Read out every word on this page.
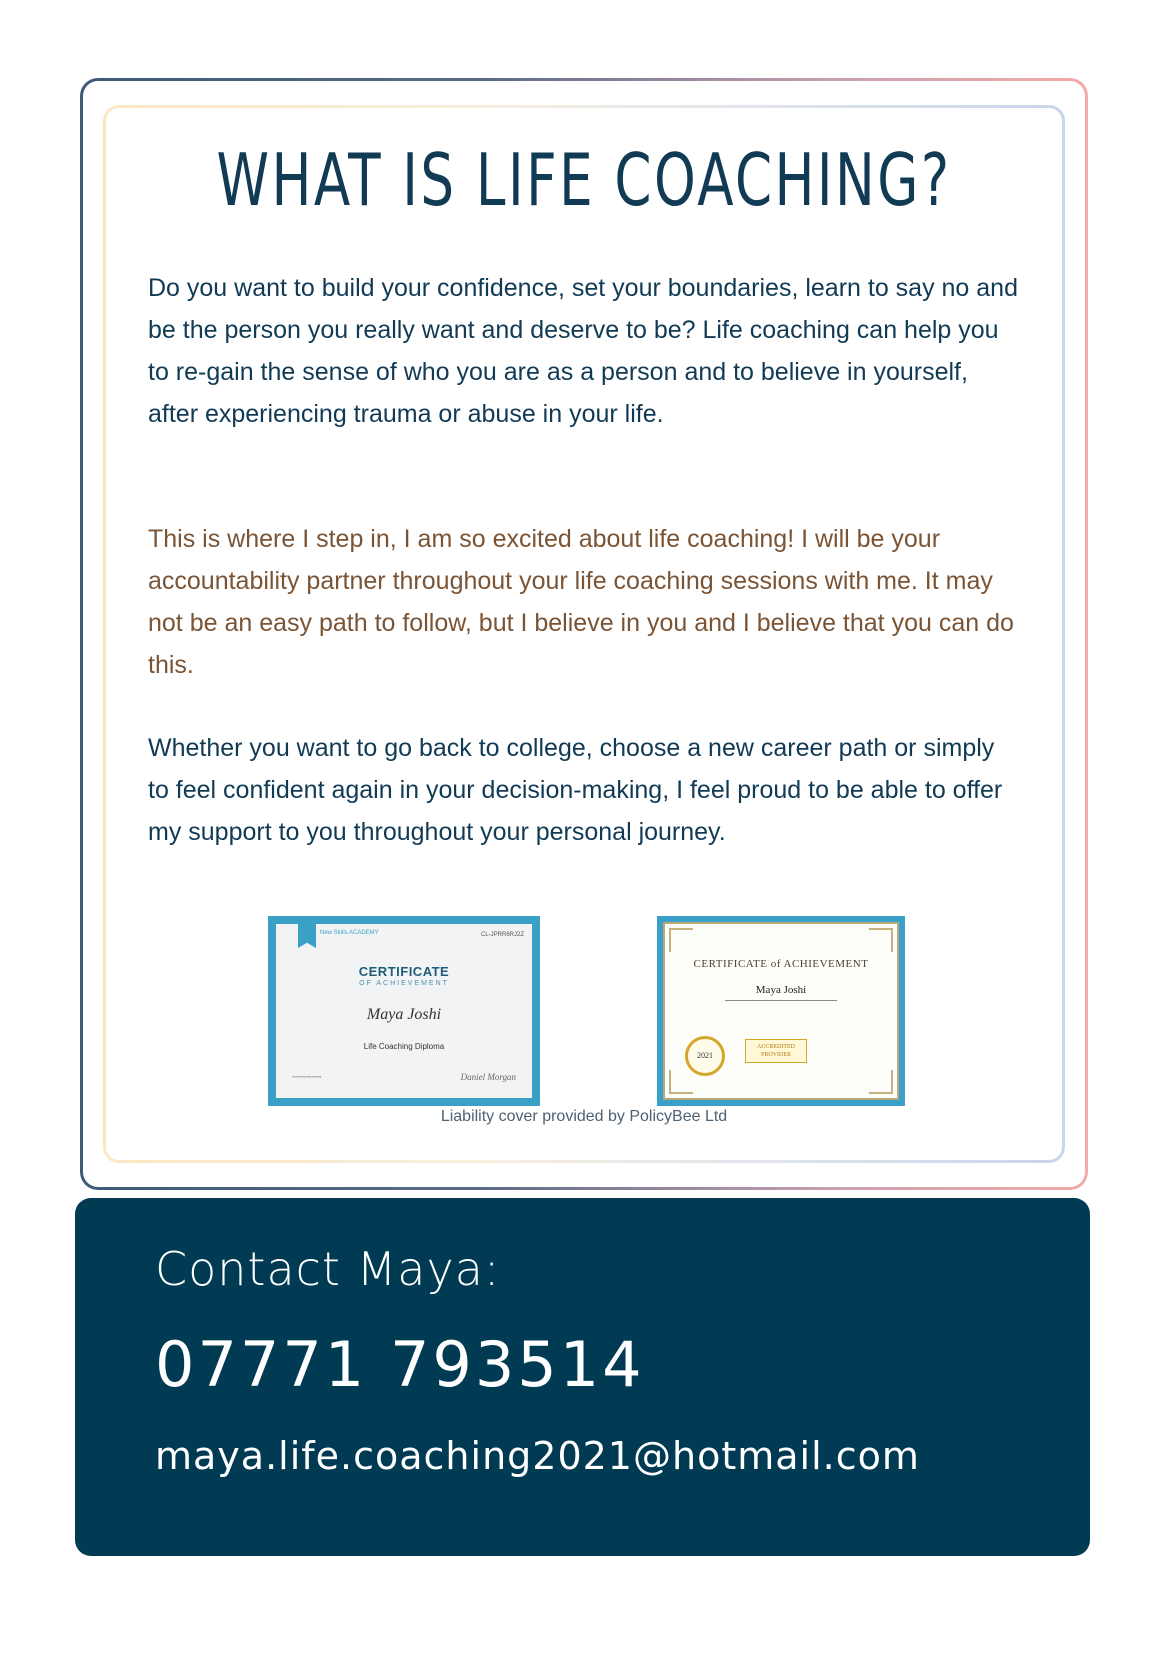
WHAT IS LIFE COACHING?

Do you want to build your confidence, set your boundaries, learn to say no and be the person you really want and deserve to be? Life coaching can help you to re-gain the sense of who you are as a person and to believe in yourself, after experiencing trauma or abuse in your life.

This is where I step in, I am so excited about life coaching! I will be your accountability partner throughout your life coaching sessions with me. It may not be an easy path to follow, but I believe in you and I believe that you can do this.

Whether you want to go back to college, choose a new career path or simply to feel confident again in your decision-making, I feel proud to be able to offer my support to you throughout your personal journey.

New Skills ACADEMY	CL-JPRR6RJ2Z
CERTIFICATE
OF ACHIEVEMENT
Maya Joshi
Life Coaching Diploma
~~~~~~	Daniel Morgan
CERTIFICATE of ACHIEVEMENT
Maya Joshi
2021
ACCREDITED PROVIDER
Liability cover provided by PolicyBee Ltd
Contact Maya:
07771 793514
maya.life.coaching2021@hotmail.com
